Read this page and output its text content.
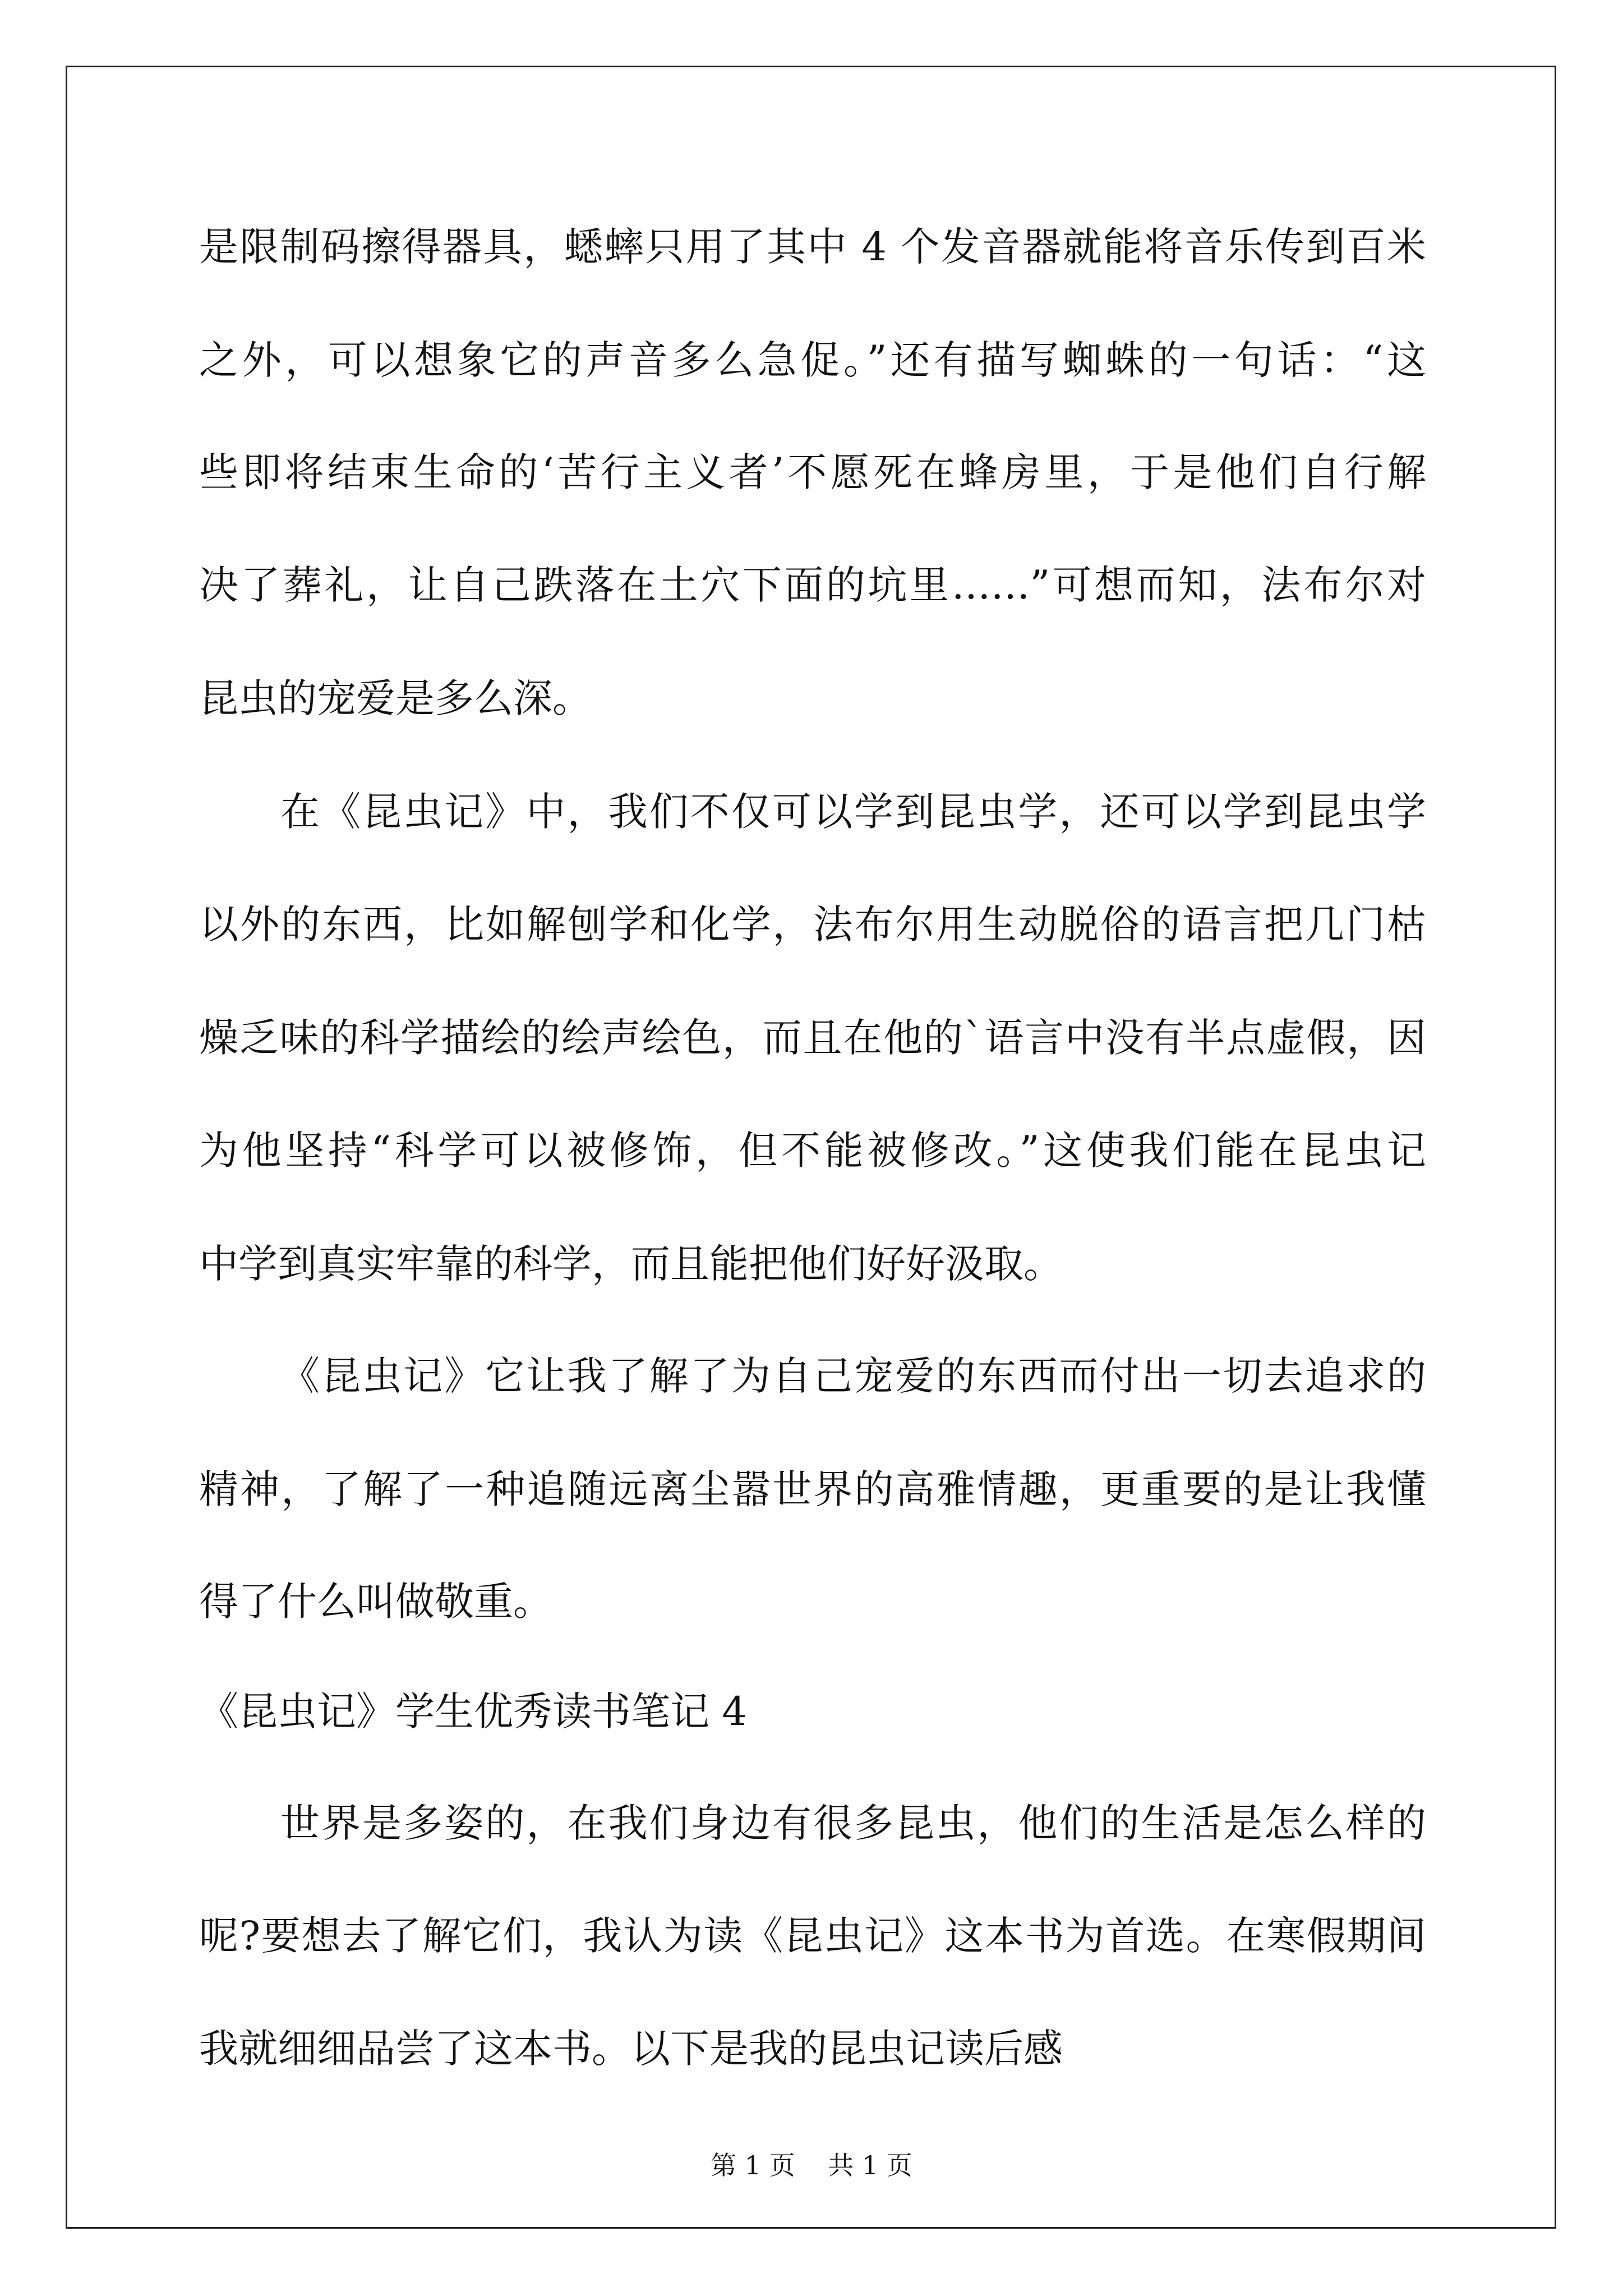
是限制码擦得器具，蟋蟀只用了其中 4 个发音器就能将音乐传到百米
之外，可以想象它的声音多么急促。”还有描写蜘蛛的一句话：“这
些即将结束生命的‘苦行主义者’不愿死在蜂房里，于是他们自行解
决了葬礼，让自己跌落在土穴下面的坑里……”可想而知，法布尔对
昆虫的宠爱是多么深。
在《昆虫记》中，我们不仅可以学到昆虫学，还可以学到昆虫学
以外的东西，比如解刨学和化学，法布尔用生动脱俗的语言把几门枯
燥乏味的科学描绘的绘声绘色，而且在他的`语言中没有半点虚假，因
为他坚持“科学可以被修饰，但不能被修改。”这使我们能在昆虫记
中学到真实牢靠的科学，而且能把他们好好汲取。
《昆虫记》它让我了解了为自己宠爱的东西而付出一切去追求的
精神，了解了一种追随远离尘嚣世界的高雅情趣，更重要的是让我懂
得了什么叫做敬重。
《昆虫记》学生优秀读书笔记 4
世界是多姿的，在我们身边有很多昆虫，他们的生活是怎么样的
呢?要想去了解它们，我认为读《昆虫记》这本书为首选。在寒假期间
我就细细品尝了这本书。以下是我的昆虫记读后感
第 1 页 共 1 页
